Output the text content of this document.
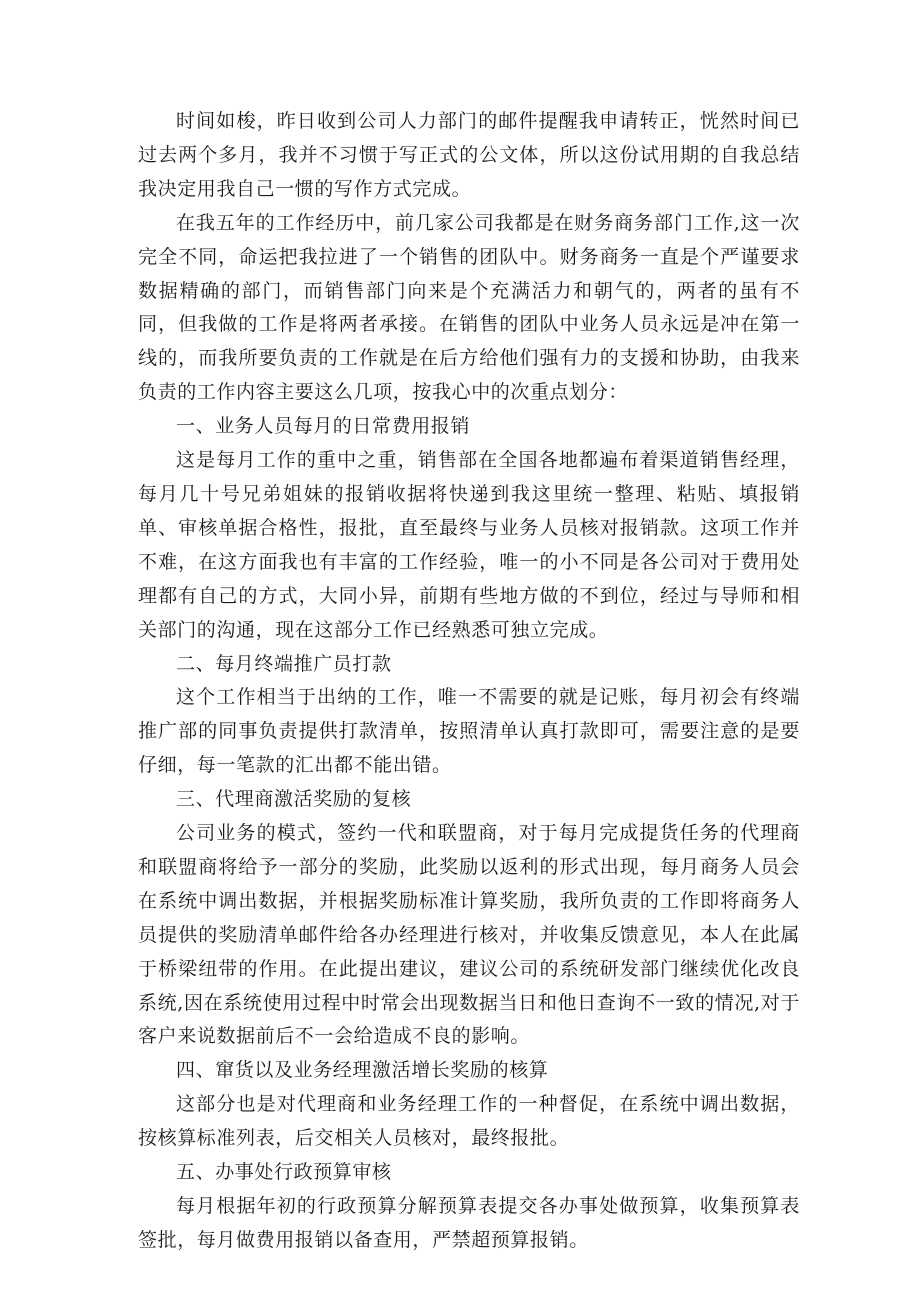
时间如梭，昨日收到公司人力部门的邮件提醒我申请转正，恍然时间已过去两个多月，我并不习惯于写正式的公文体，所以这份试用期的自我总结我决定用我自己一惯的写作方式完成。

在我五年的工作经历中，前几家公司我都是在财务商务部门工作,这一次完全不同，命运把我拉进了一个销售的团队中。财务商务一直是个严谨要求数据精确的部门，而销售部门向来是个充满活力和朝气的，两者的虽有不同，但我做的工作是将两者承接。在销售的团队中业务人员永远是冲在第一线的，而我所要负责的工作就是在后方给他们强有力的支援和协助，由我来负责的工作内容主要这么几项，按我心中的次重点划分：

一、业务人员每月的日常费用报销

这是每月工作的重中之重，销售部在全国各地都遍布着渠道销售经理，每月几十号兄弟姐妹的报销收据将快递到我这里统一整理、粘贴、填报销单、审核单据合格性，报批，直至最终与业务人员核对报销款。这项工作并不难，在这方面我也有丰富的工作经验，唯一的小不同是各公司对于费用处理都有自己的方式，大同小异，前期有些地方做的不到位，经过与导师和相关部门的沟通，现在这部分工作已经熟悉可独立完成。

二、每月终端推广员打款

这个工作相当于出纳的工作，唯一不需要的就是记账，每月初会有终端推广部的同事负责提供打款清单，按照清单认真打款即可，需要注意的是要仔细，每一笔款的汇出都不能出错。

三、代理商激活奖励的复核

公司业务的模式，签约一代和联盟商，对于每月完成提货任务的代理商和联盟商将给予一部分的奖励，此奖励以返利的形式出现，每月商务人员会在系统中调出数据，并根据奖励标准计算奖励，我所负责的工作即将商务人员提供的奖励清单邮件给各办经理进行核对，并收集反馈意见，本人在此属于桥梁纽带的作用。在此提出建议，建议公司的系统研发部门继续优化改良系统,因在系统使用过程中时常会出现数据当日和他日查询不一致的情况,对于客户来说数据前后不一会给造成不良的影响。

四、窜货以及业务经理激活增长奖励的核算

这部分也是对代理商和业务经理工作的一种督促，在系统中调出数据，按核算标准列表，后交相关人员核对，最终报批。

五、办事处行政预算审核

每月根据年初的行政预算分解预算表提交各办事处做预算，收集预算表签批，每月做费用报销以备查用，严禁超预算报销。
